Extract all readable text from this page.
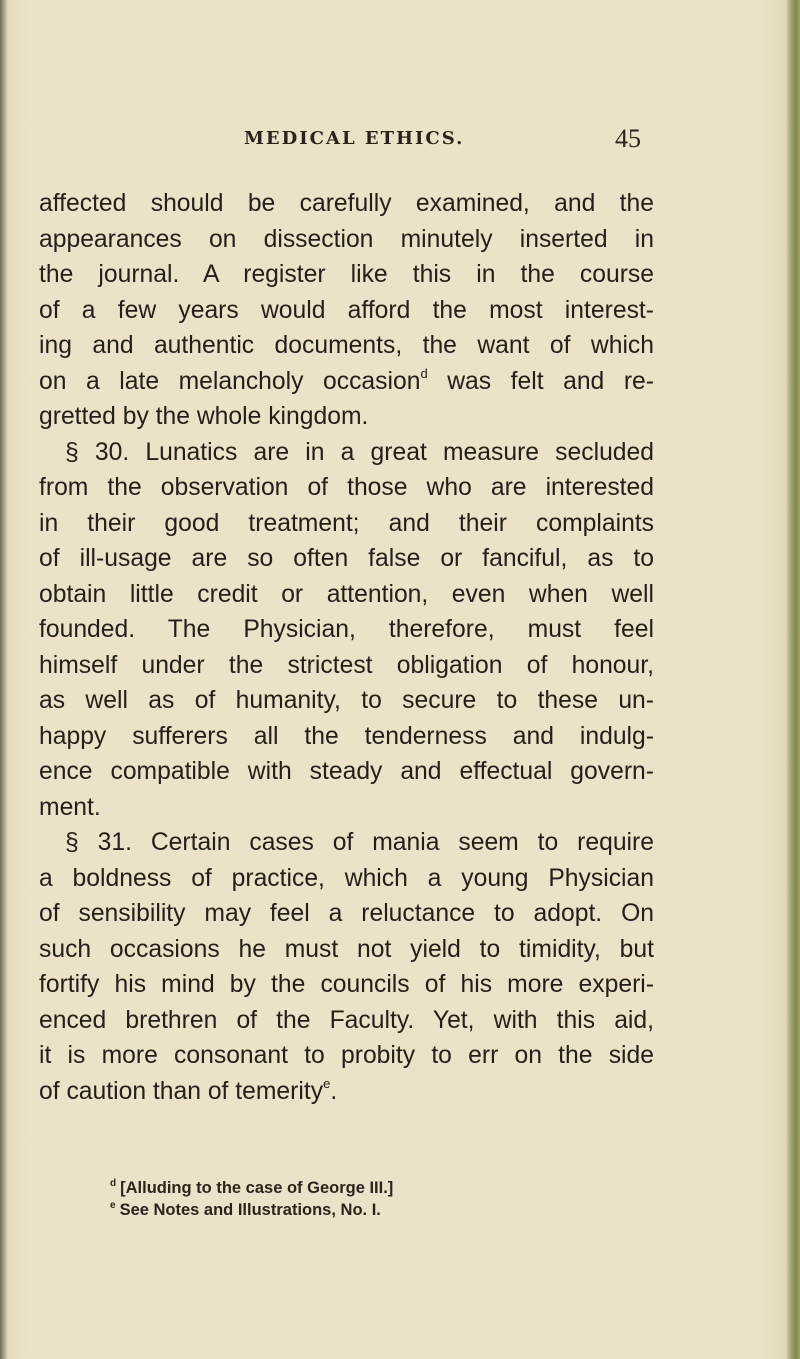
MEDICAL ETHICS.	45
affected should be carefully examined, and the
appearances on dissection minutely inserted in
the journal. A register like this in the course
of a few years would afford the most interest-
ing and authentic documents, the want of which
on a late melancholy occasion$^d$ was felt and re-
gretted by the whole kingdom.
§ 30. Lunatics are in a great measure secluded
from the observation of those who are interested
in their good treatment; and their complaints
of ill-usage are so often false or fanciful, as to
obtain little credit or attention, even when well
founded. The Physician, therefore, must feel
himself under the strictest obligation of honour,
as well as of humanity, to secure to these un-
happy sufferers all the tenderness and indulg-
ence compatible with steady and effectual govern-
ment.
§ 31. Certain cases of mania seem to require
a boldness of practice, which a young Physician
of sensibility may feel a reluctance to adopt. On
such occasions he must not yield to timidity, but
fortify his mind by the councils of his more experi-
enced brethren of the Faculty. Yet, with this aid,
it is more consonant to probity to err on the side
of caution than of temerity$^e$.
$^d$ [Alluding to the case of George III.]
$^e$ See Notes and Illustrations, No. I.
